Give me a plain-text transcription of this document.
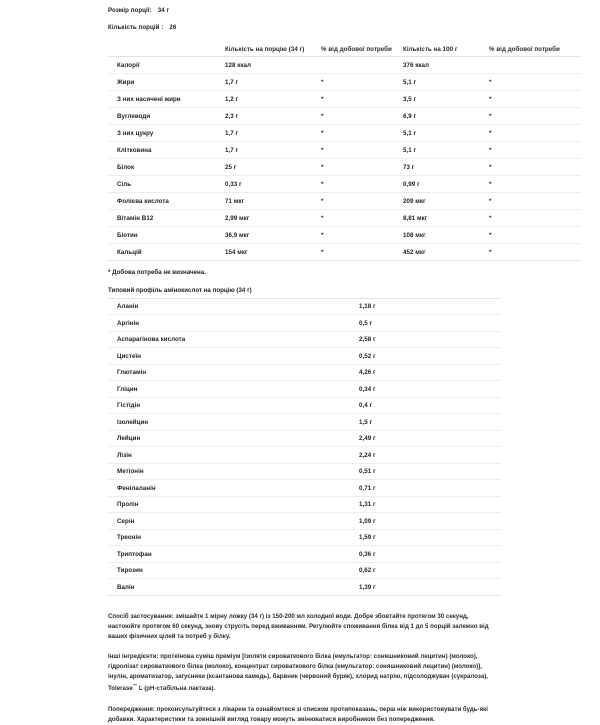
Розмір порції: 34 г
Кількість порцій : 26
	Кількість на порцію (34 г)	% від добової потреби	Кількість на 100 г	% від добової потреби
Калорії	128 ккал		376 ккал	
Жири	1,7 г	*	5,1 г	*
З них насичені жири	1,2 г	*	3,5 г	*
Вуглеводи	2,3 г	*	6,9 г	*
З них цукру	1,7 г	*	5,1 г	*
Клітковина	1,7 г	*	5,1 г	*
Білок	25 г	*	73 г	*
Сіль	0,33 г	*	0,99 г	*
Фолієва кислота	71 мкг	*	209 мкг	*
Вітамін B12	2,99 мкг	*	8,81 мкг	*
Біотин	36,9 мкг	*	108 мкг	*
Кальцій	154 мкг	*	452 мкг	*

* Добова потреба не визначена.

Типовий профіль амінокислот на порцію (34 г)

Аланін	1,18 г
Аргінін	0,5 г
Аспарагінова кислота	2,58 г
Цистеїн	0,52 г
Глютамін	4,26 г
Гліцин	0,34 г
Гістідін	0,4 г
Ізолейцин	1,5 г
Лейцин	2,49 г
Лізін	2,24 г
Метіонін	0,51 г
Фенілаланін	0,71 г
Пролін	1,31 г
Серін	1,09 г
Треонін	1,59 г
Триптофан	0,36 г
Тирозин	0,62 г
Валін	1,39 г

Спосіб застосування: змішайте 1 мірну ложку (34 г) із 150-200 мл холодної води. Добре збовтайте протягом 30 секунд, настоюйте протягом 60 секунд, знову струсіть перед вживанням. Регулюйте споживання білка від 1 до 5 порцій залежно від ваших фізичних цілей та потреб у білку.

Інші інгредієнти: протеїнова суміш преміум [ізоляти сироваткового білка (емульгатор: соняшниковий лецитин) (молоко), гідролізат сироваткового білка (молоко), концентрат сироваткового білка (емульгатор: соняшниковий лецитин) (молоко)], інулін, ароматизатор, загусники (ксантанова камедь), барвник (червоний буряк), хлорид натрію, підсолоджувач (сукралоза), Tolerase™ L (pH-стабільна лактаза).

Попередження: проконсультуйтеся з лікарем та ознайомтеся зі списком протипоказань, перш ніж використовувати будь-які добавки. Характеристики та зовнішній вигляд товару можуть змінюватися виробником без попередження.
